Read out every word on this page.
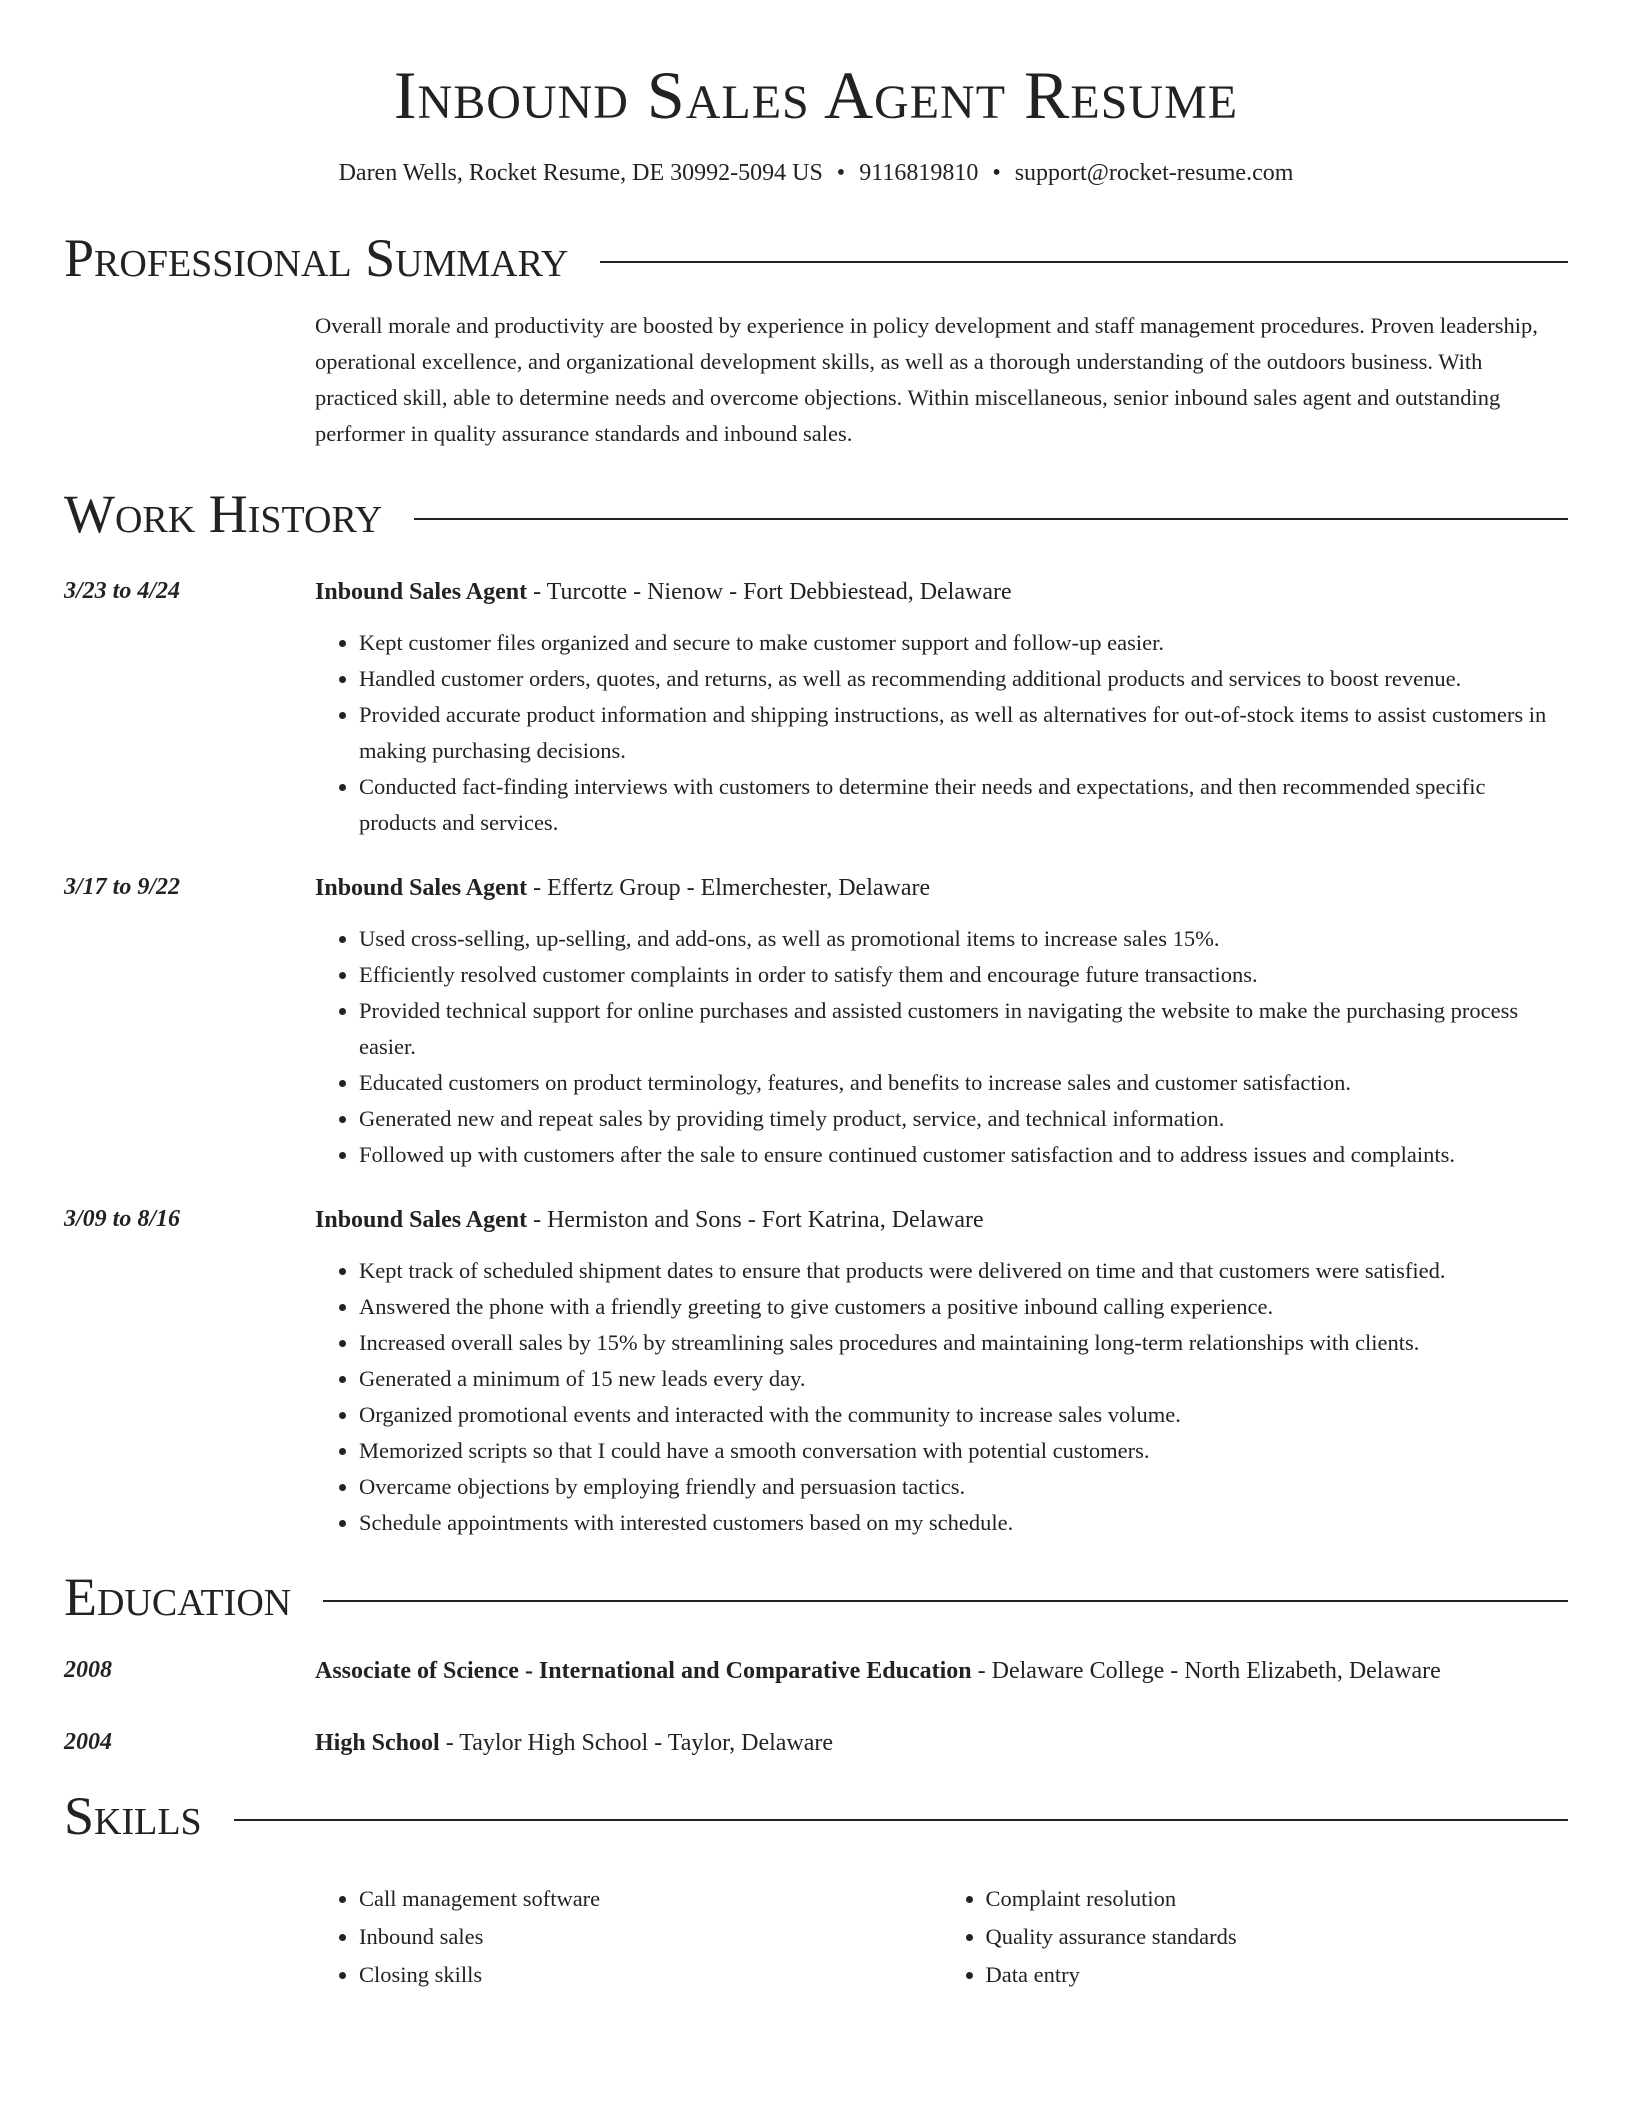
Inbound Sales Agent Resume
Daren Wells, Rocket Resume, DE 30992-5094 US • 9116819810 • support@rocket-resume.com
Professional Summary
Overall morale and productivity are boosted by experience in policy development and staff management procedures. Proven leadership, operational excellence, and organizational development skills, as well as a thorough understanding of the outdoors business. With practiced skill, able to determine needs and overcome objections. Within miscellaneous, senior inbound sales agent and outstanding performer in quality assurance standards and inbound sales.
Work History
3/23 to 4/24	Inbound Sales Agent - Turcotte - Nienow - Fort Debbiestead, Delaware
• Kept customer files organized and secure to make customer support and follow-up easier.
• Handled customer orders, quotes, and returns, as well as recommending additional products and services to boost revenue.
• Provided accurate product information and shipping instructions, as well as alternatives for out-of-stock items to assist customers in making purchasing decisions.
• Conducted fact-finding interviews with customers to determine their needs and expectations, and then recommended specific products and services.
3/17 to 9/22	Inbound Sales Agent - Effertz Group - Elmerchester, Delaware
• Used cross-selling, up-selling, and add-ons, as well as promotional items to increase sales 15%.
• Efficiently resolved customer complaints in order to satisfy them and encourage future transactions.
• Provided technical support for online purchases and assisted customers in navigating the website to make the purchasing process easier.
• Educated customers on product terminology, features, and benefits to increase sales and customer satisfaction.
• Generated new and repeat sales by providing timely product, service, and technical information.
• Followed up with customers after the sale to ensure continued customer satisfaction and to address issues and complaints.
3/09 to 8/16	Inbound Sales Agent - Hermiston and Sons - Fort Katrina, Delaware
• Kept track of scheduled shipment dates to ensure that products were delivered on time and that customers were satisfied.
• Answered the phone with a friendly greeting to give customers a positive inbound calling experience.
• Increased overall sales by 15% by streamlining sales procedures and maintaining long-term relationships with clients.
• Generated a minimum of 15 new leads every day.
• Organized promotional events and interacted with the community to increase sales volume.
• Memorized scripts so that I could have a smooth conversation with potential customers.
• Overcame objections by employing friendly and persuasion tactics.
• Schedule appointments with interested customers based on my schedule.
Education
2008	Associate of Science - International and Comparative Education - Delaware College - North Elizabeth, Delaware
2004	High School - Taylor High School - Taylor, Delaware
Skills
• Call management software
• Inbound sales
• Closing skills
• Complaint resolution
• Quality assurance standards
• Data entry
